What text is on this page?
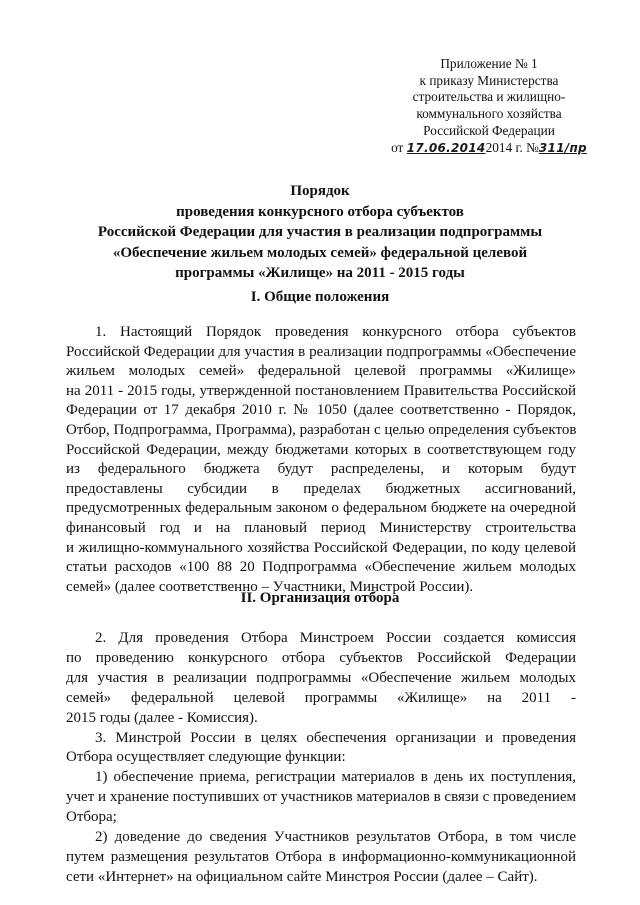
Приложение № 1
к приказу Министерства
строительства и жилищно-
коммунального хозяйства
Российской Федерации
от 17.06.20142014 г. №311/пр
Порядок
проведения конкурсного отбора субъектов
Российской Федерации для участия в реализации подпрограммы
«Обеспечение жильем молодых семей» федеральной целевой
программы «Жилище» на 2011 - 2015 годы
I. Общие положения
1. Настоящий Порядок проведения конкурсного отбора субъектов
Российской Федерации для участия в реализации подпрограммы «Обеспечение
жильем молодых семей» федеральной целевой программы «Жилище»
на 2011 - 2015 годы, утвержденной постановлением Правительства Российской
Федерации от 17 декабря 2010 г. № 1050 (далее соответственно - Порядок,
Отбор, Подпрограмма, Программа), разработан с целью определения субъектов
Российской Федерации, между бюджетами которых в соответствующем году
из федерального бюджета будут распределены, и которым будут
предоставлены субсидии в пределах бюджетных ассигнований,
предусмотренных федеральным законом о федеральном бюджете на очередной
финансовый год и на плановый период Министерству строительства
и жилищно-коммунального хозяйства Российской Федерации, по коду целевой
статьи расходов «100 88 20 Подпрограмма «Обеспечение жильем молодых
семей» (далее соответственно – Участники, Минстрой России).
II. Организация отбора
2. Для проведения Отбора Минстроем России создается комиссия
по проведению конкурсного отбора субъектов Российской Федерации
для участия в реализации подпрограммы «Обеспечение жильем молодых
семей» федеральной целевой программы «Жилище» на 2011 -
2015 годы (далее - Комиссия).
3. Минстрой России в целях обеспечения организации и проведения
Отбора осуществляет следующие функции:
1) обеспечение приема, регистрации материалов в день их поступления,
учет и хранение поступивших от участников материалов в связи с проведением
Отбора;
2) доведение до сведения Участников результатов Отбора, в том числе
путем размещения результатов Отбора в информационно-коммуникационной
сети «Интернет» на официальном сайте Минстроя России (далее – Сайт).
